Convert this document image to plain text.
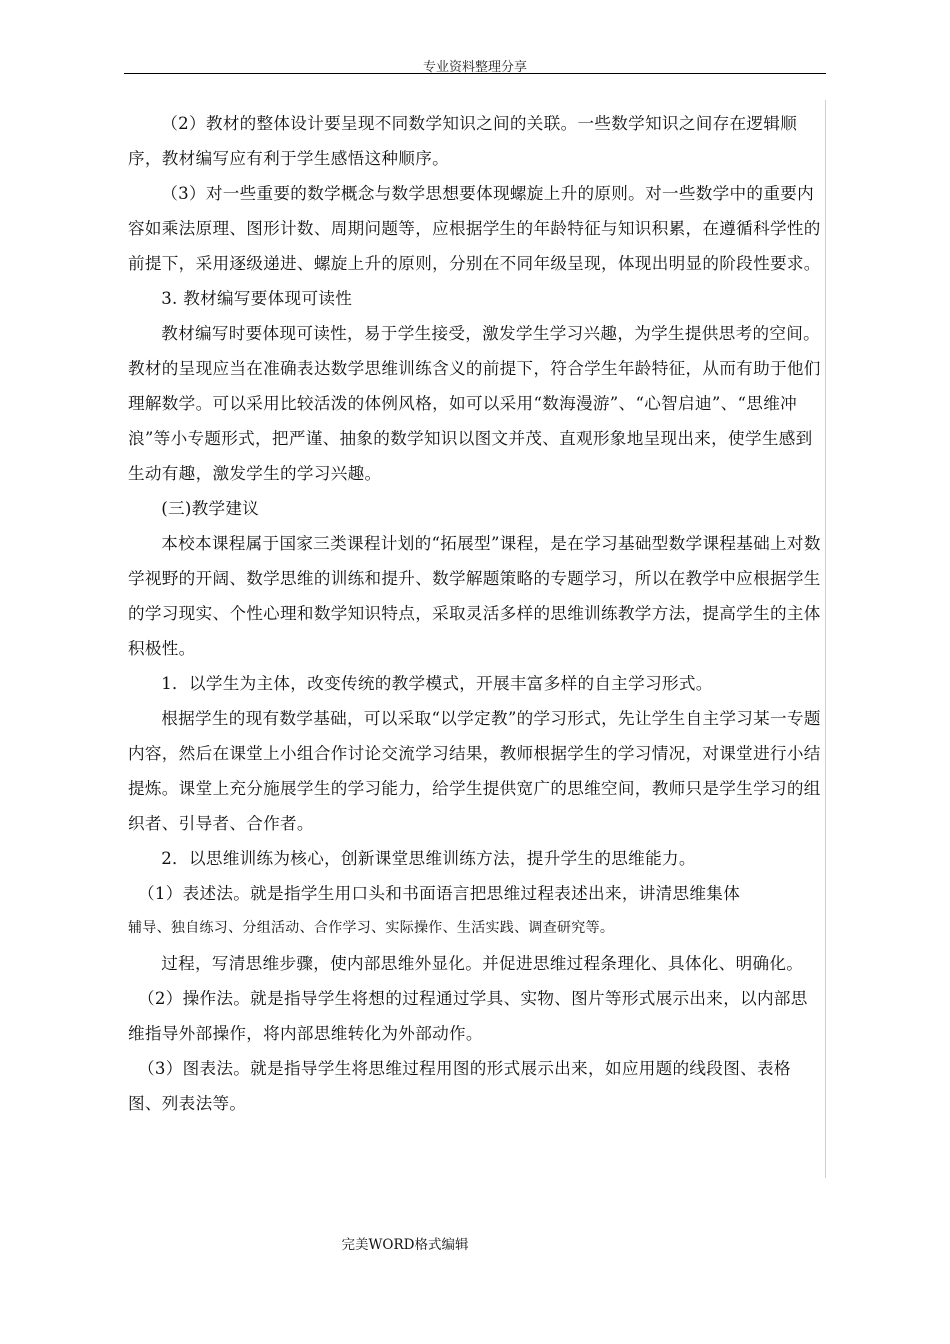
专业资料整理分享

（2）教材的整体设计要呈现不同数学知识之间的关联。一些数学知识之间存在逻辑顺序，教材编写应有利于学生感悟这种顺序。

（3）对一些重要的数学概念与数学思想要体现螺旋上升的原则。对一些数学中的重要内容如乘法原理、图形计数、周期问题等，应根据学生的年龄特征与知识积累，在遵循科学性的前提下，采用逐级递进、螺旋上升的原则，分别在不同年级呈现，体现出明显的阶段性要求。

3. 教材编写要体现可读性

教材编写时要体现可读性，易于学生接受，激发学生学习兴趣，为学生提供思考的空间。教材的呈现应当在准确表达数学思维训练含义的前提下，符合学生年龄特征，从而有助于他们理解数学。可以采用比较活泼的体例风格，如可以采用“数海漫游”、“心智启迪”、“思维冲浪”等小专题形式，把严谨、抽象的数学知识以图文并茂、直观形象地呈现出来，使学生感到生动有趣，激发学生的学习兴趣。

(三)教学建议

本校本课程属于国家三类课程计划的“拓展型”课程，是在学习基础型数学课程基础上对数学视野的开阔、数学思维的训练和提升、数学解题策略的专题学习，所以在教学中应根据学生的学习现实、个性心理和数学知识特点，采取灵活多样的思维训练教学方法，提高学生的主体积极性。

1．以学生为主体，改变传统的教学模式，开展丰富多样的自主学习形式。

根据学生的现有数学基础，可以采取“以学定教”的学习形式，先让学生自主学习某一专题内容，然后在课堂上小组合作讨论交流学习结果，教师根据学生的学习情况，对课堂进行小结提炼。课堂上充分施展学生的学习能力，给学生提供宽广的思维空间，教师只是学生学习的组织者、引导者、合作者。

2．以思维训练为核心，创新课堂思维训练方法，提升学生的思维能力。

（1）表述法。就是指学生用口头和书面语言把思维过程表述出来，讲清思维集体

辅导、独自练习、分组活动、合作学习、实际操作、生活实践、调查研究等。

过程，写清思维步骤，使内部思维外显化。并促进思维过程条理化、具体化、明确化。

（2）操作法。就是指导学生将想的过程通过学具、实物、图片等形式展示出来，以内部思维指导外部操作，将内部思维转化为外部动作。

（3）图表法。就是指导学生将思维过程用图的形式展示出来，如应用题的线段图、表格图、列表法等。

完美WORD格式编辑
